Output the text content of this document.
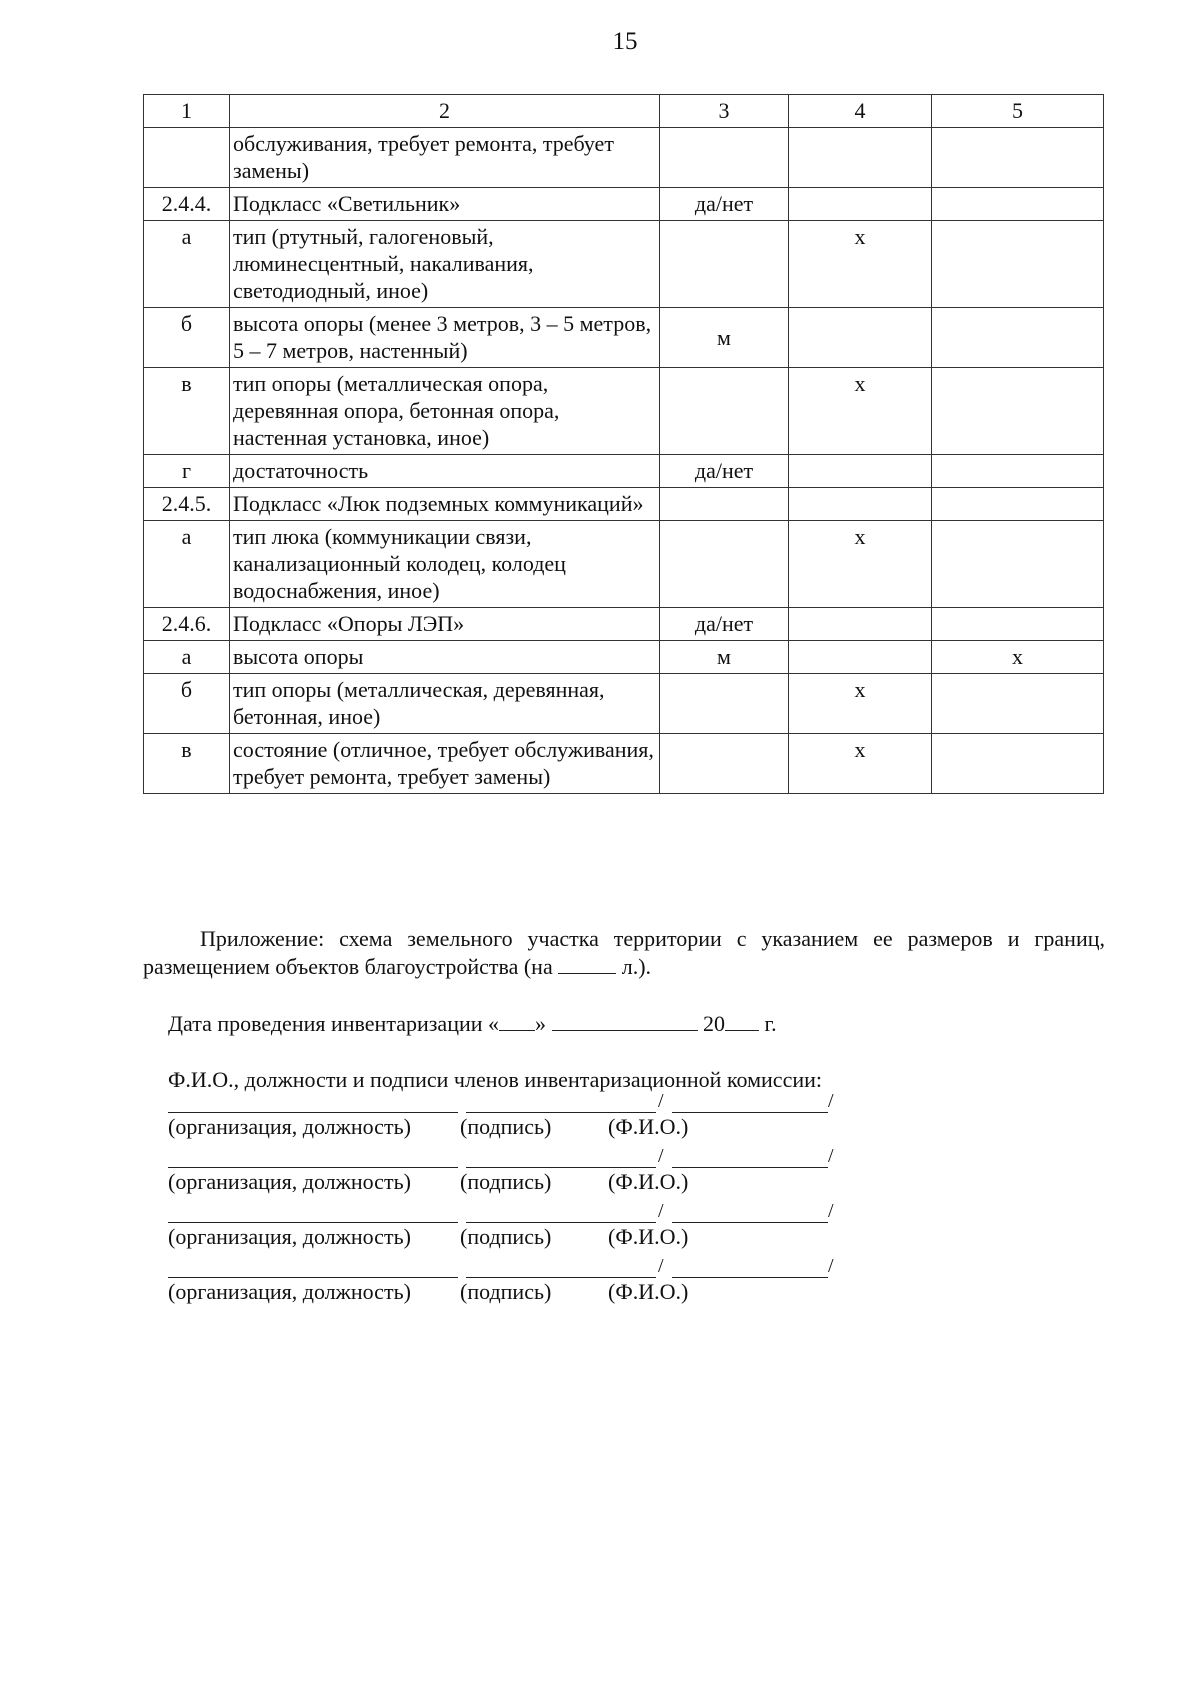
15
1	2	3	4	5
	обслуживания, требует ремонта, требует замены)			
2.4.4.	Подкласс «Светильник»	да/нет		
а	тип (ртутный, галогеновый, люминесцентный, накаливания, светодиодный, иное)		х	
б	высота опоры (менее 3 метров, 3 – 5 метров, 5 – 7 метров, настенный)	м		
в	тип опоры (металлическая опора, деревянная опора, бетонная опора, настенная установка, иное)		х	
г	достаточность	да/нет		
2.4.5.	Подкласс «Люк подземных коммуникаций»			
а	тип люка (коммуникации связи, канализационный колодец, колодец водоснабжения, иное)		х	
2.4.6.	Подкласс «Опоры ЛЭП»	да/нет		
а	высота опоры	м		х
б	тип опоры (металлическая, деревянная, бетонная, иное)		х	
в	состояние (отличное, требует обслуживания, требует ремонта, требует замены)		х	
Приложение: схема земельного участка территории с указанием ее размеров и границ, размещением объектов благоустройства (на	л.).
Дата проведения инвентаризации « »	20 г.
Ф.И.О., должности и подписи членов инвентаризационной комиссии:
/	/
(организация, должность) (подпись)	(Ф.И.О.)
/	/
(организация, должность) (подпись)	(Ф.И.О.)
/	/
(организация, должность) (подпись)	(Ф.И.О.)
/	/
(организация, должность) (подпись)	(Ф.И.О.)
